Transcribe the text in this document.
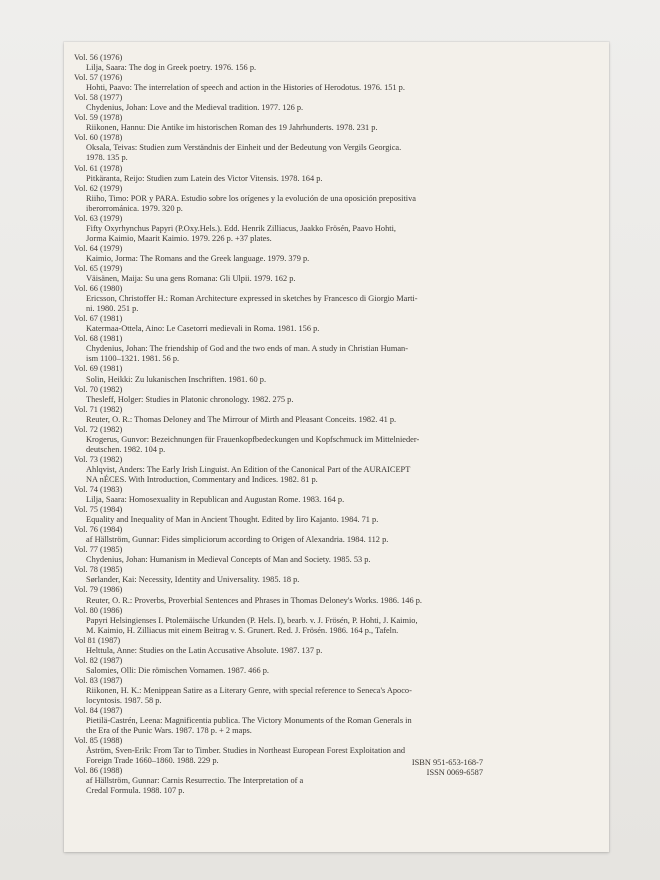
Vol. 56 (1976)
Lilja, Saara: The dog in Greek poetry. 1976. 156 p.
Vol. 57 (1976)
Hohti, Paavo: The interrelation of speech and action in the Histories of Herodotus. 1976. 151 p.
Vol. 58 (1977)
Chydenius, Johan: Love and the Medieval tradition. 1977. 126 p.
Vol. 59 (1978)
Riikonen, Hannu: Die Antike im historischen Roman des 19 Jahrhunderts. 1978. 231 p.
Vol. 60 (1978)
Oksala, Teivas: Studien zum Verständnis der Einheit und der Bedeutung von Vergils Georgica.
1978. 135 p.
Vol. 61 (1978)
Pitkäranta, Reijo: Studien zum Latein des Victor Vitensis. 1978. 164 p.
Vol. 62 (1979)
Riiho, Timo: POR y PARA. Estudio sobre los orígenes y la evolución de una oposición prepositiva
iberorrománica. 1979. 320 p.
Vol. 63 (1979)
Fifty Oxyrhynchus Papyri (P.Oxy.Hels.). Edd. Henrik Zilliacus, Jaakko Frösén, Paavo Hohti,
Jorma Kaimio, Maarit Kaimio. 1979. 226 p. +37 plates.
Vol. 64 (1979)
Kaimio, Jorma: The Romans and the Greek language. 1979. 379 p.
Vol. 65 (1979)
Väisänen, Maija: Su una gens Romana: Gli Ulpii. 1979. 162 p.
Vol. 66 (1980)
Ericsson, Christoffer H.: Roman Architecture expressed in sketches by Francesco di Giorgio Marti-
ni. 1980. 251 p.
Vol. 67 (1981)
Katermaa-Ottela, Aino: Le Casetorri medievali in Roma. 1981. 156 p.
Vol. 68 (1981)
Chydenius, Johan: The friendship of God and the two ends of man. A study in Christian Human-
ism 1100–1321. 1981. 56 p.
Vol. 69 (1981)
Solin, Heikki: Zu lukanischen Inschriften. 1981. 60 p.
Vol. 70 (1982)
Thesleff, Holger: Studies in Platonic chronology. 1982. 275 p.
Vol. 71 (1982)
Reuter, O. R.: Thomas Deloney and The Mirrour of Mirth and Pleasant Conceits. 1982. 41 p.
Vol. 72 (1982)
Krogerus, Gunvor: Bezeichnungen für Frauenkopfbedeckungen und Kopfschmuck im Mittelnieder-
deutschen. 1982. 104 p.
Vol. 73 (1982)
Ahlqvist, Anders: The Early Irish Linguist. An Edition of the Canonical Part of the AURAICEPT
NA nÉCES. With Introduction, Commentary and Indices. 1982. 81 p.
Vol. 74 (1983)
Lilja, Saara: Homosexuality in Republican and Augustan Rome. 1983. 164 p.
Vol. 75 (1984)
Equality and Inequality of Man in Ancient Thought. Edited by Iiro Kajanto. 1984. 71 p.
Vol. 76 (1984)
af Hällström, Gunnar: Fides simpliciorum according to Origen of Alexandria. 1984. 112 p.
Vol. 77 (1985)
Chydenius, Johan: Humanism in Medieval Concepts of Man and Society. 1985. 53 p.
Vol. 78 (1985)
Sørlander, Kai: Necessity, Identity and Universality. 1985. 18 p.
Vol. 79 (1986)
Reuter, O. R.: Proverbs, Proverbial Sentences and Phrases in Thomas Deloney's Works. 1986. 146 p.
Vol. 80 (1986)
Papyri Helsingienses I. Ptolemäische Urkunden (P. Hels. I), bearb. v. J. Frösén, P. Hohti, J. Kaimio,
M. Kaimio, H. Zilliacus mit einem Beitrag v. S. Grunert. Red. J. Frösén. 1986. 164 p., Tafeln.
Vol 81 (1987)
Helttula, Anne: Studies on the Latin Accusative Absolute. 1987. 137 p.
Vol. 82 (1987)
Salomies, Olli: Die römischen Vornamen. 1987. 466 p.
Vol. 83 (1987)
Riikonen, H. K.: Menippean Satire as a Literary Genre, with special reference to Seneca's Apoco-
locyntosis. 1987. 58 p.
Vol. 84 (1987)
Pietilä-Castrén, Leena: Magnificentia publica. The Victory Monuments of the Roman Generals in
the Era of the Punic Wars. 1987. 178 p. + 2 maps.
Vol. 85 (1988)
Åström, Sven-Erik: From Tar to Timber. Studies in Northeast European Forest Exploitation and
Foreign Trade 1660–1860. 1988. 229 p.
Vol. 86 (1988)
af Hällström, Gunnar: Carnis Resurrectio. The Interpretation of a
Credal Formula. 1988. 107 p.
ISBN 951-653-168-7
ISSN 0069-6587
